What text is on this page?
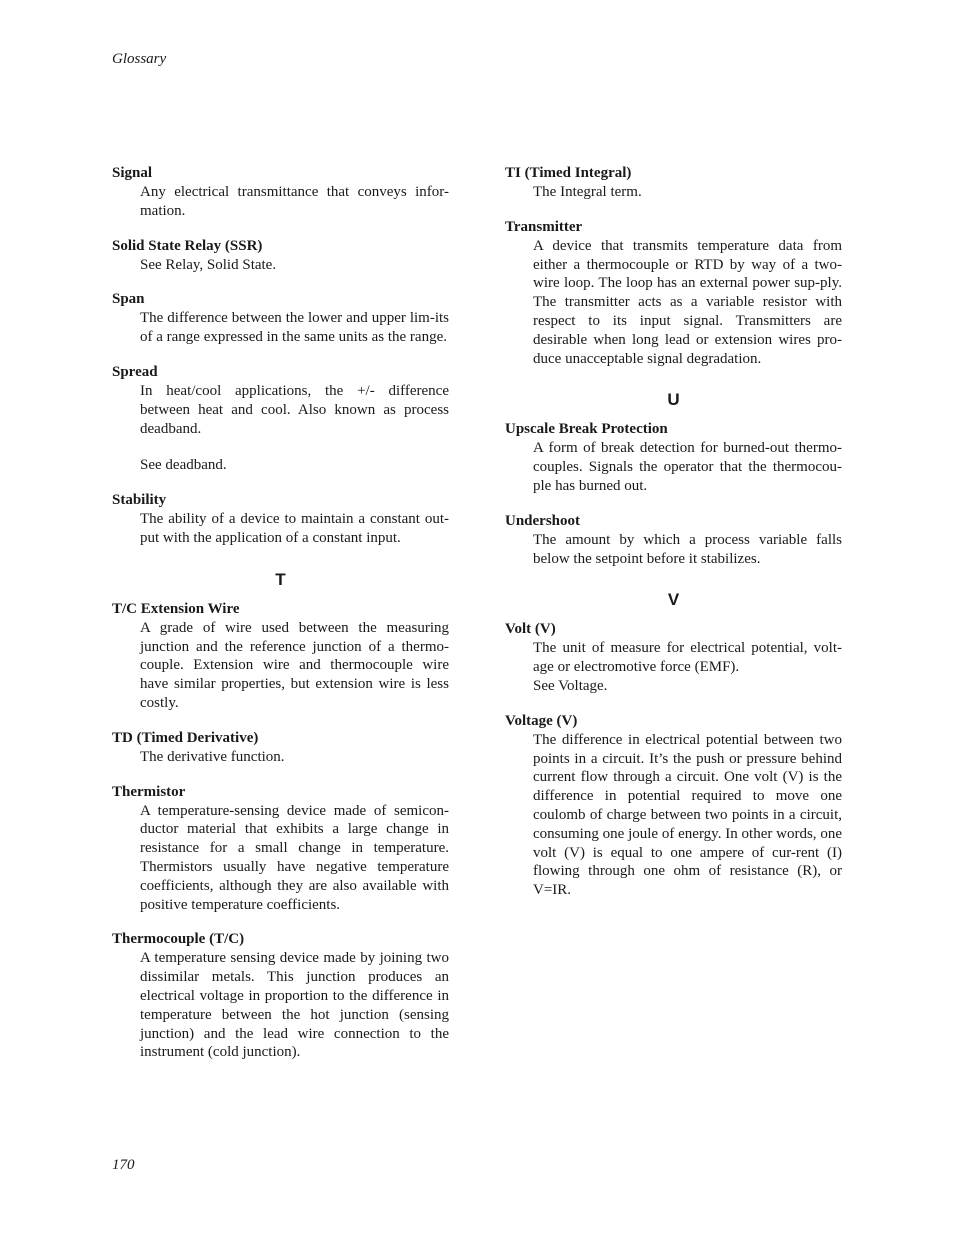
Glossary
Signal

Any electrical transmittance that conveys infor-mation.

Solid State Relay (SSR)

See Relay, Solid State.

Span

The difference between the lower and upper lim-its of a range expressed in the same units as the range.

Spread

In heat/cool applications, the +/- difference between heat and cool. Also known as process deadband.

See deadband.

Stability

The ability of a device to maintain a constant out-put with the application of a constant input.

T
T/C Extension Wire

A grade of wire used between the measuring junction and the reference junction of a thermo-couple. Extension wire and thermocouple wire have similar properties, but extension wire is less costly.

TD (Timed Derivative)

The derivative function.

Thermistor

A temperature-sensing device made of semicon-ductor material that exhibits a large change in resistance for a small change in temperature. Thermistors usually have negative temperature coefficients, although they are also available with positive temperature coefficients.

Thermocouple (T/C)

A temperature sensing device made by joining two dissimilar metals. This junction produces an electrical voltage in proportion to the difference in temperature between the hot junction (sensing junction) and the lead wire connection to the instrument (cold junction).

TI (Timed Integral)

The Integral term.

Transmitter

A device that transmits temperature data from either a thermocouple or RTD by way of a two-wire loop. The loop has an external power sup-ply. The transmitter acts as a variable resistor with respect to its input signal. Transmitters are desirable when long lead or extension wires pro-duce unacceptable signal degradation.

U
Upscale Break Protection

A form of break detection for burned-out thermo-couples. Signals the operator that the thermocou-ple has burned out.

Undershoot

The amount by which a process variable falls below the setpoint before it stabilizes.

V
Volt (V)

The unit of measure for electrical potential, volt-age or electromotive force (EMF).

See Voltage.

Voltage (V)

The difference in electrical potential between two points in a circuit. It’s the push or pressure behind current flow through a circuit. One volt (V) is the difference in potential required to move one coulomb of charge between two points in a circuit, consuming one joule of energy. In other words, one volt (V) is equal to one ampere of cur-rent (I) flowing through one ohm of resistance (R), or V=IR.

170
